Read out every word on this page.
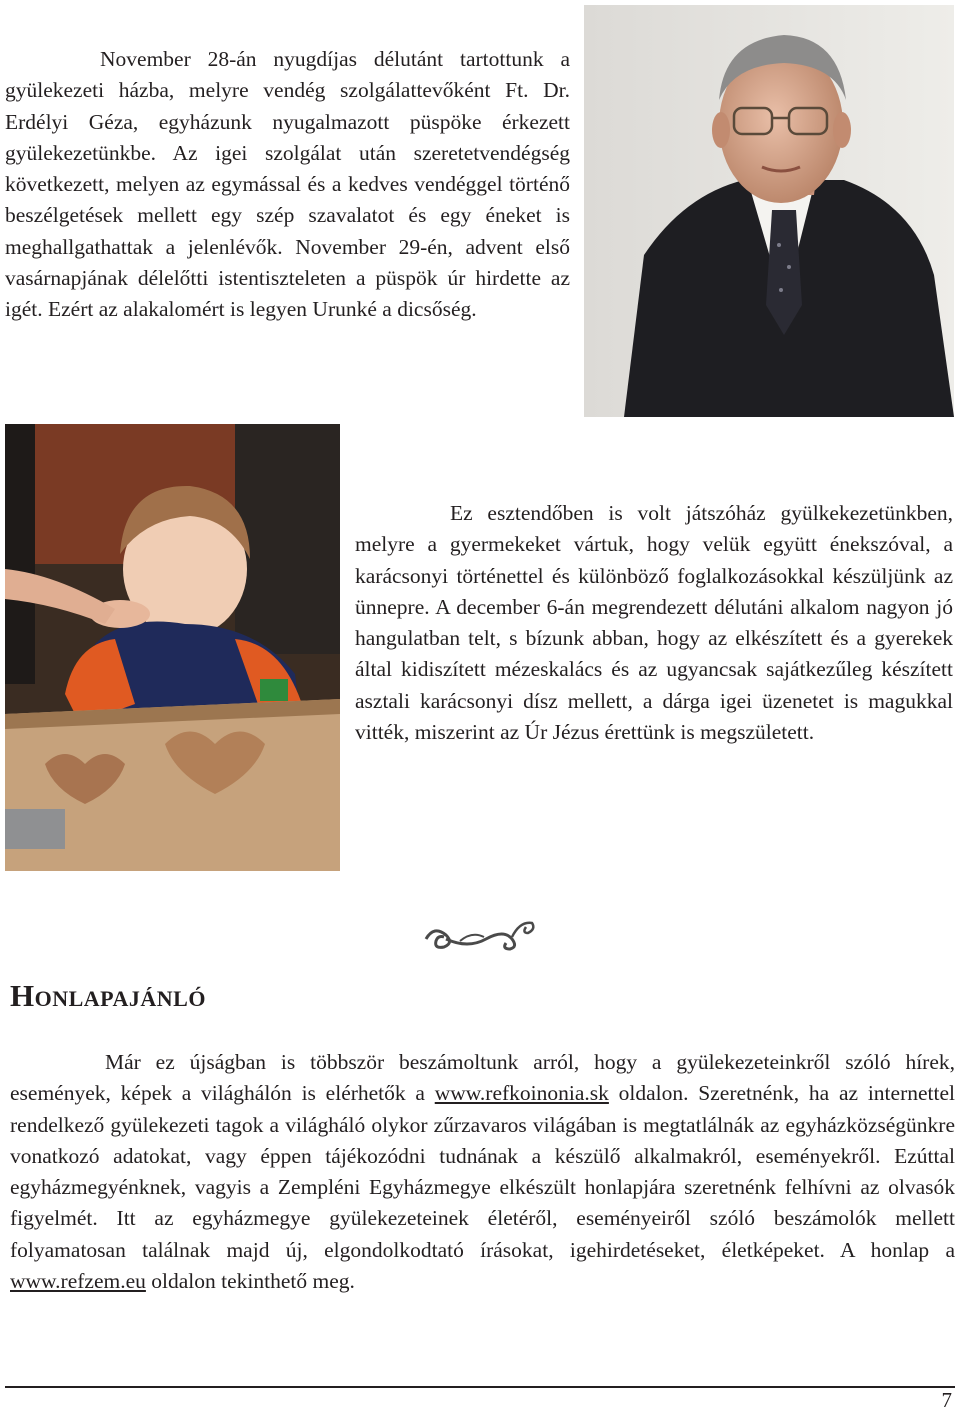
November 28-án nyugdíjas délutánt tartottunk a gyülekezeti házba, melyre vendég szolgálattevőként Ft. Dr. Erdélyi Géza, egyházunk nyugalmazott püspöke érkezett gyülekezetünkbe. Az igei szolgálat után szeretetvendégség következett, melyen az egymással és a kedves vendéggel történő beszélgetések mellett egy szép szavalatot és egy éneket is meghallgathattak a jelenlévők. November 29-én, advent első vasárnapjának délelőtti istentiszteleten a püspök úr hirdette az igét. Ezért az alakalomért is legyen Urunké a dicsőség.

Ez esztendőben is volt játszóház gyülkekezetünkben, melyre a gyermekeket vártuk, hogy velük együtt énekszóval, a karácsonyi történettel és különböző foglalkozásokkal készüljünk az ünnepre. A december 6-án megrendezett délutáni alkalom nagyon jó hangulatban telt, s bízunk abban, hogy az elkészített és a gyerekek által kidiszített mézeskalács és az ugyancsak sajátkezűleg készített asztali karácsonyi dísz mellett, a dárga igei üzenetet is magukkal vitték, miszerint az Úr Jézus érettünk is megszületett.

Honlapajánló

Már ez újságban is többször beszámoltunk arról, hogy a gyülekezeteinkről szóló hírek, események, képek a világhálón is elérhetők a www.refkoinonia.sk oldalon. Szeretnénk, ha az internettel rendelkező gyülekezeti tagok a világháló olykor zűrzavaros világában is megtatlálnák az egyházközségünkre vonatkozó adatokat, vagy éppen tájékozódni tudnának a készülő alkalmakról, eseményekről. Ezúttal egyházmegyénknek, vagyis a Zempléni Egyházmegye elkészült honlapjára szeretnénk felhívni az olvasók figyelmét. Itt az egyházmegye gyülekezeteinek életéről, eseményeiről szóló beszámolók mellett folyamatosan találnak majd új, elgondolkodtató írásokat, igehirdetéseket, életképeket. A honlap a www.refzem.eu oldalon tekinthető meg.

7
